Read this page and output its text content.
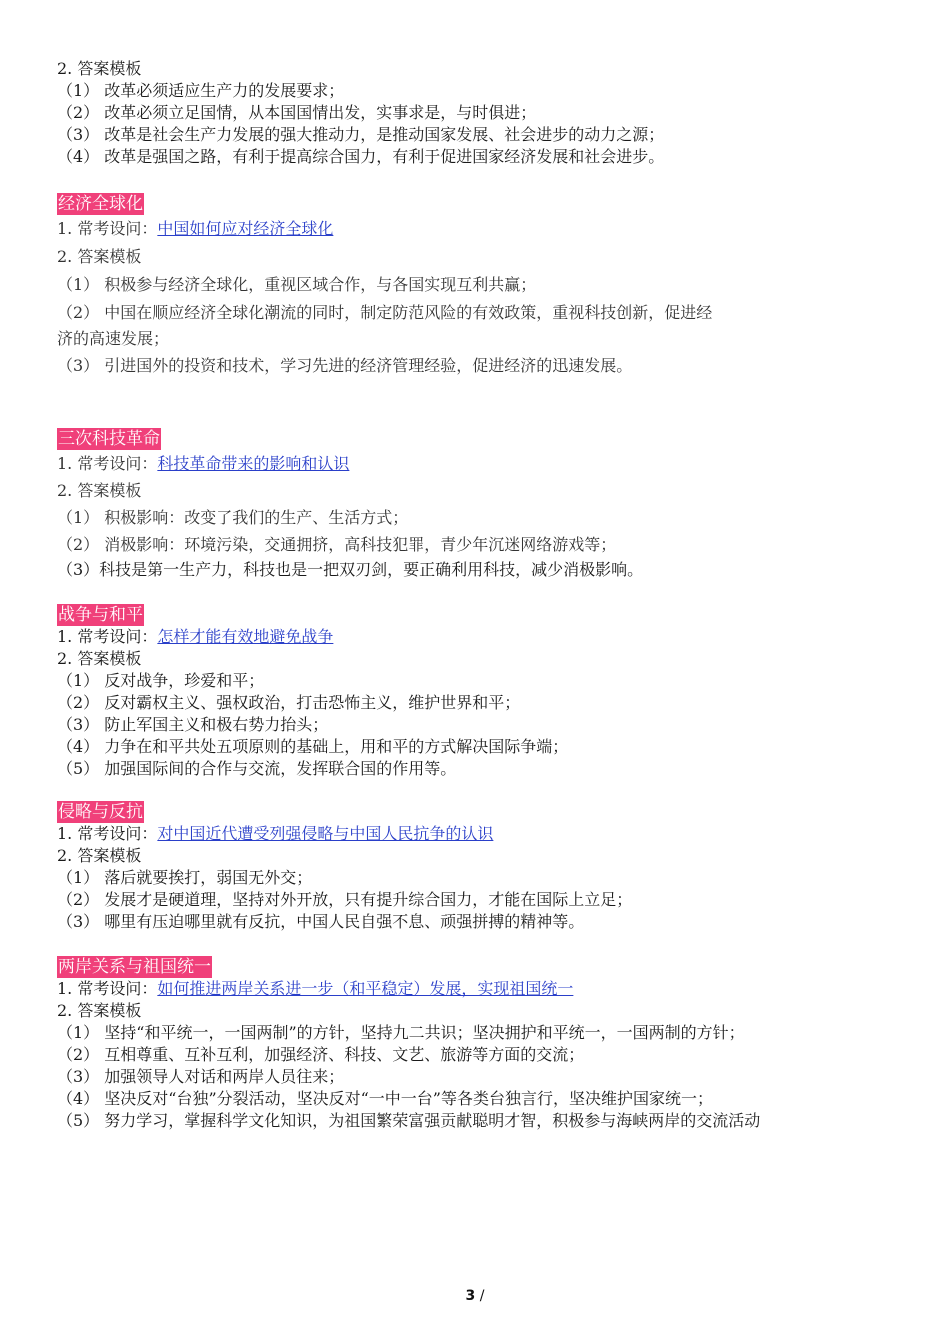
2. 答案模板
（1） 改革必须适应生产力的发展要求；
（2） 改革必须立足国情，从本国国情出发，实事求是，与时俱进；
（3） 改革是社会生产力发展的强大推动力，是推动国家发展、社会进步的动力之源；
（4） 改革是强国之路，有利于提高综合国力，有利于促进国家经济发展和社会进步。
经济全球化
1. 常考设问：中国如何应对经济全球化
2. 答案模板
（1） 积极参与经济全球化，重视区域合作，与各国实现互利共赢；
（2） 中国在顺应经济全球化潮流的同时，制定防范风险的有效政策，重视科技创新，促进经
济的高速发展；
（3） 引进国外的投资和技术，学习先进的经济管理经验，促进经济的迅速发展。
三次科技革命
1. 常考设问：科技革命带来的影响和认识
2. 答案模板
（1） 积极影响：改变了我们的生产、生活方式；
（2） 消极影响：环境污染，交通拥挤，高科技犯罪，青少年沉迷网络游戏等；
（3）科技是第一生产力，科技也是一把双刃剑，要正确利用科技，减少消极影响。
战争与和平
1. 常考设问：怎样才能有效地避免战争
2. 答案模板
（1） 反对战争，珍爱和平；
（2） 反对霸权主义、强权政治，打击恐怖主义，维护世界和平；
（3） 防止军国主义和极右势力抬头；
（4） 力争在和平共处五项原则的基础上，用和平的方式解决国际争端；
（5） 加强国际间的合作与交流，发挥联合国的作用等。
侵略与反抗
1. 常考设问：对中国近代遭受列强侵略与中国人民抗争的认识
2. 答案模板
（1） 落后就要挨打，弱国无外交；
（2） 发展才是硬道理，坚持对外开放，只有提升综合国力，才能在国际上立足；
（3） 哪里有压迫哪里就有反抗，中国人民自强不息、顽强拼搏的精神等。
两岸关系与祖国统一
1. 常考设问：如何推进两岸关系进一步（和平稳定）发展，实现祖国统一
2. 答案模板
（1） 坚持“和平统一，一国两制”的方针，坚持九二共识；坚决拥护和平统一，一国两制的方针；
（2） 互相尊重、互补互利，加强经济、科技、文艺、旅游等方面的交流；
（3） 加强领导人对话和两岸人员往来；
（4） 坚决反对“台独”分裂活动，坚决反对“一中一台”等各类台独言行，坚决维护国家统一；
（5） 努力学习，掌握科学文化知识，为祖国繁荣富强贡献聪明才智，积极参与海峡两岸的交流活动
3 /
